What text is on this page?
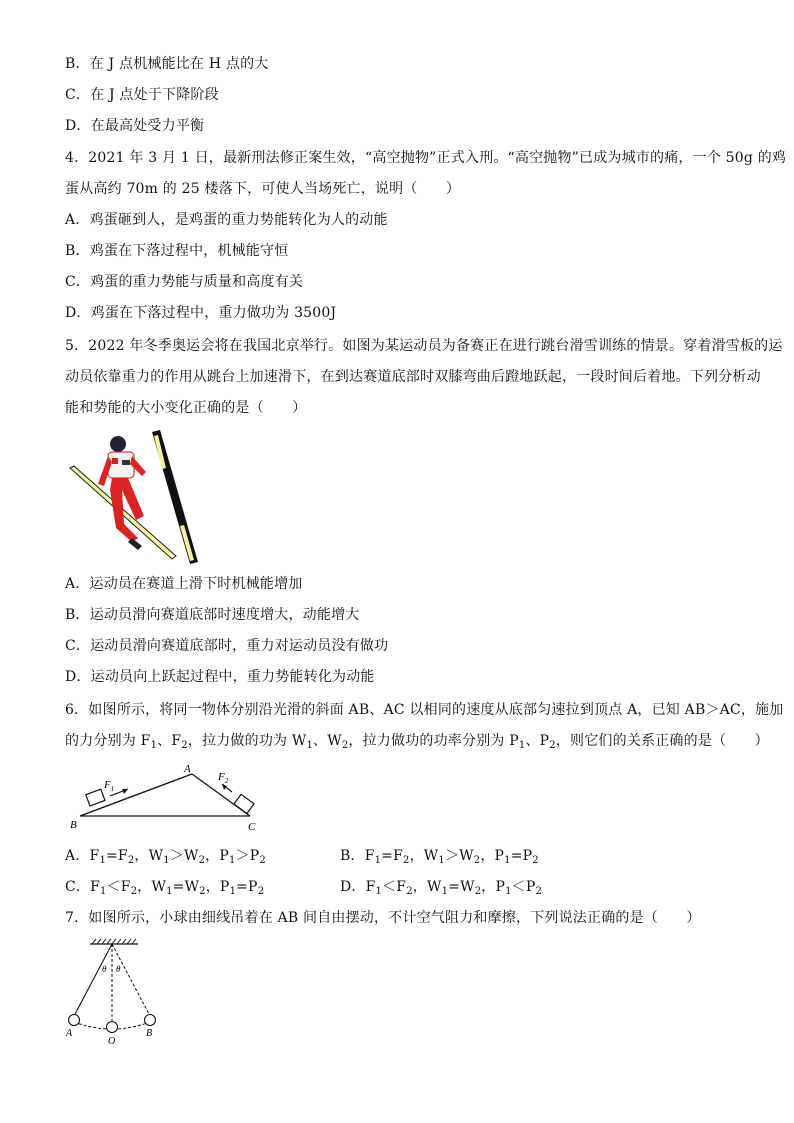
B．在 J 点机械能比在 H 点的大
C．在 J 点处于下降阶段
D．在最高处受力平衡
4．2021 年 3 月 1 日，最新刑法修正案生效，“高空抛物”正式入刑。“高空抛物”已成为城市的痛，一个 50g 的鸡
蛋从高约 70m 的 25 楼落下，可使人当场死亡，说明（　　）
A．鸡蛋砸到人，是鸡蛋的重力势能转化为人的动能
B．鸡蛋在下落过程中，机械能守恒
C．鸡蛋的重力势能与质量和高度有关
D．鸡蛋在下落过程中，重力做功为 3500J
5．2022 年冬季奥运会将在我国北京举行。如图为某运动员为备赛正在进行跳台滑雪训练的情景。穿着滑雪板的运
动员依靠重力的作用从跳台上加速滑下，在到达赛道底部时双膝弯曲后蹬地跃起，一段时间后着地。下列分析动
能和势能的大小变化正确的是（　　）
A．运动员在赛道上滑下时机械能增加
B．运动员滑向赛道底部时速度增大，动能增大
C．运动员滑向赛道底部时，重力对运动员没有做功
D．运动员向上跃起过程中，重力势能转化为动能
6．如图所示，将同一物体分别沿光滑的斜面 AB、AC 以相同的速度从底部匀速拉到顶点 A，已知 AB＞AC，施加
的力分别为 $F_1$、$F_2$，拉力做的功为 $W_1$、$W_2$，拉力做功的功率分别为 $P_1$、$P_2$，则它们的关系正确的是（　　）
A
B	C
$F_1$
$F_2$
A．$F_1=F_2$，$W_1>W_2$，$P_1>P_2$	B．$F_1=F_2$，$W_1>W_2$，$P_1=P_2$
C．$F_1<F_2$，$W_1=W_2$，$P_1=P_2$	D．$F_1<F_2$，$W_1=W_2$，$P_1<P_2$
7．如图所示，小球由细线吊着在 AB 间自由摆动，不计空气阻力和摩擦，下列说法正确的是（　　）
θ θ
A
O
B
